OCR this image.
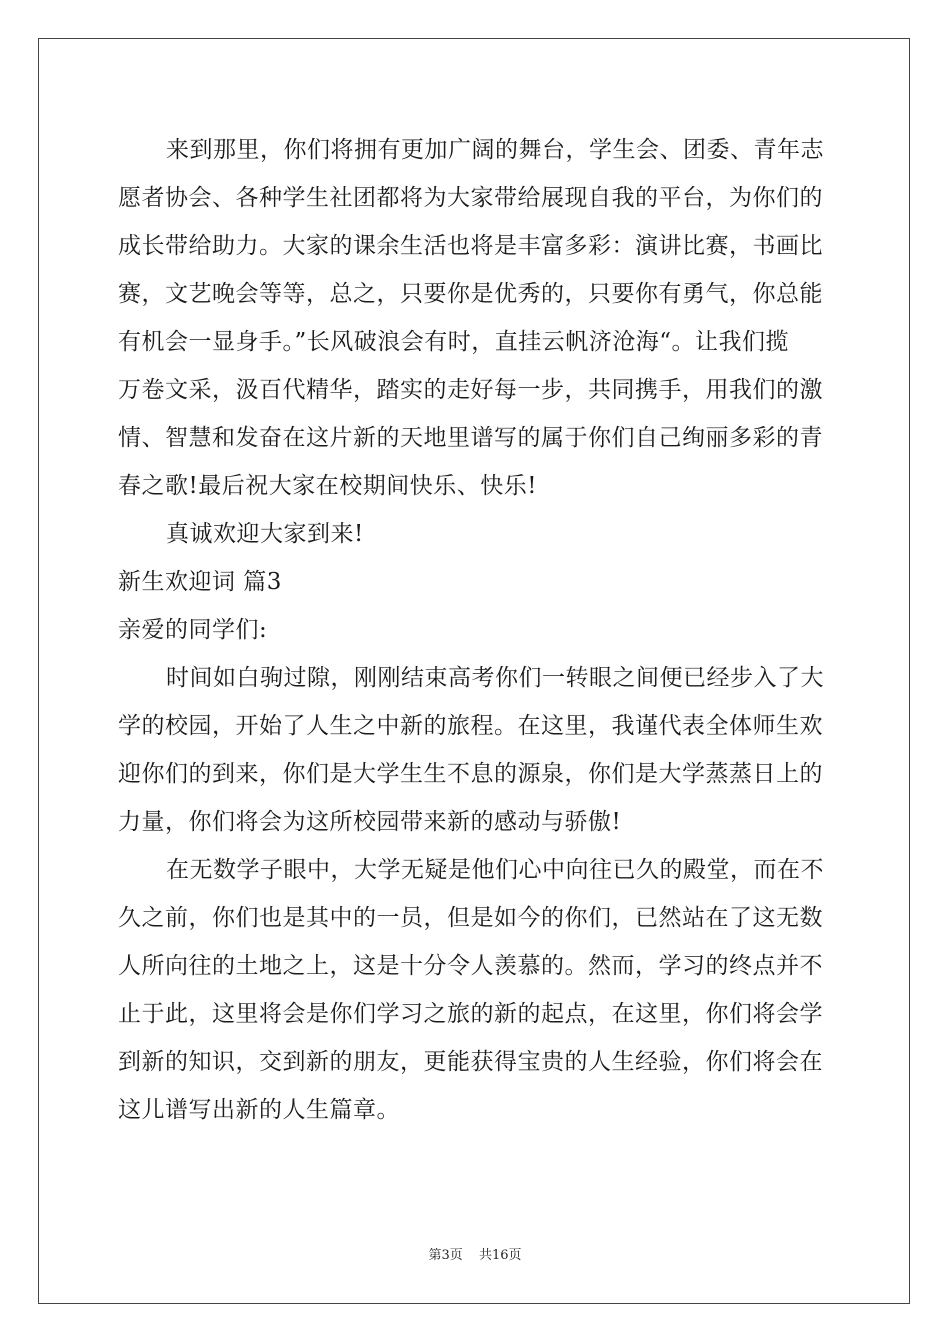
来到那里，你们将拥有更加广阔的舞台，学生会、团委、青年志
愿者协会、各种学生社团都将为大家带给展现自我的平台，为你们的
成长带给助力。大家的课余生活也将是丰富多彩：演讲比赛，书画比
赛，文艺晚会等等，总之，只要你是优秀的，只要你有勇气，你总能
有机会一显身手。”长风破浪会有时，直挂云帆济沧海“。让我们揽
万卷文采，汲百代精华，踏实的走好每一步，共同携手，用我们的激
情、智慧和发奋在这片新的天地里谱写的属于你们自己绚丽多彩的青
春之歌!最后祝大家在校期间快乐、快乐!
真诚欢迎大家到来!
新生欢迎词 篇3
亲爱的同学们:
时间如白驹过隙，刚刚结束高考你们一转眼之间便已经步入了大
学的校园，开始了人生之中新的旅程。在这里，我谨代表全体师生欢
迎你们的到来，你们是大学生生不息的源泉，你们是大学蒸蒸日上的
力量，你们将会为这所校园带来新的感动与骄傲!
在无数学子眼中，大学无疑是他们心中向往已久的殿堂，而在不
久之前，你们也是其中的一员，但是如今的你们，已然站在了这无数
人所向往的土地之上，这是十分令人羡慕的。然而，学习的终点并不
止于此，这里将会是你们学习之旅的新的起点，在这里，你们将会学
到新的知识，交到新的朋友，更能获得宝贵的人生经验，你们将会在
这儿谱写出新的人生篇章。
第3页 共16页
